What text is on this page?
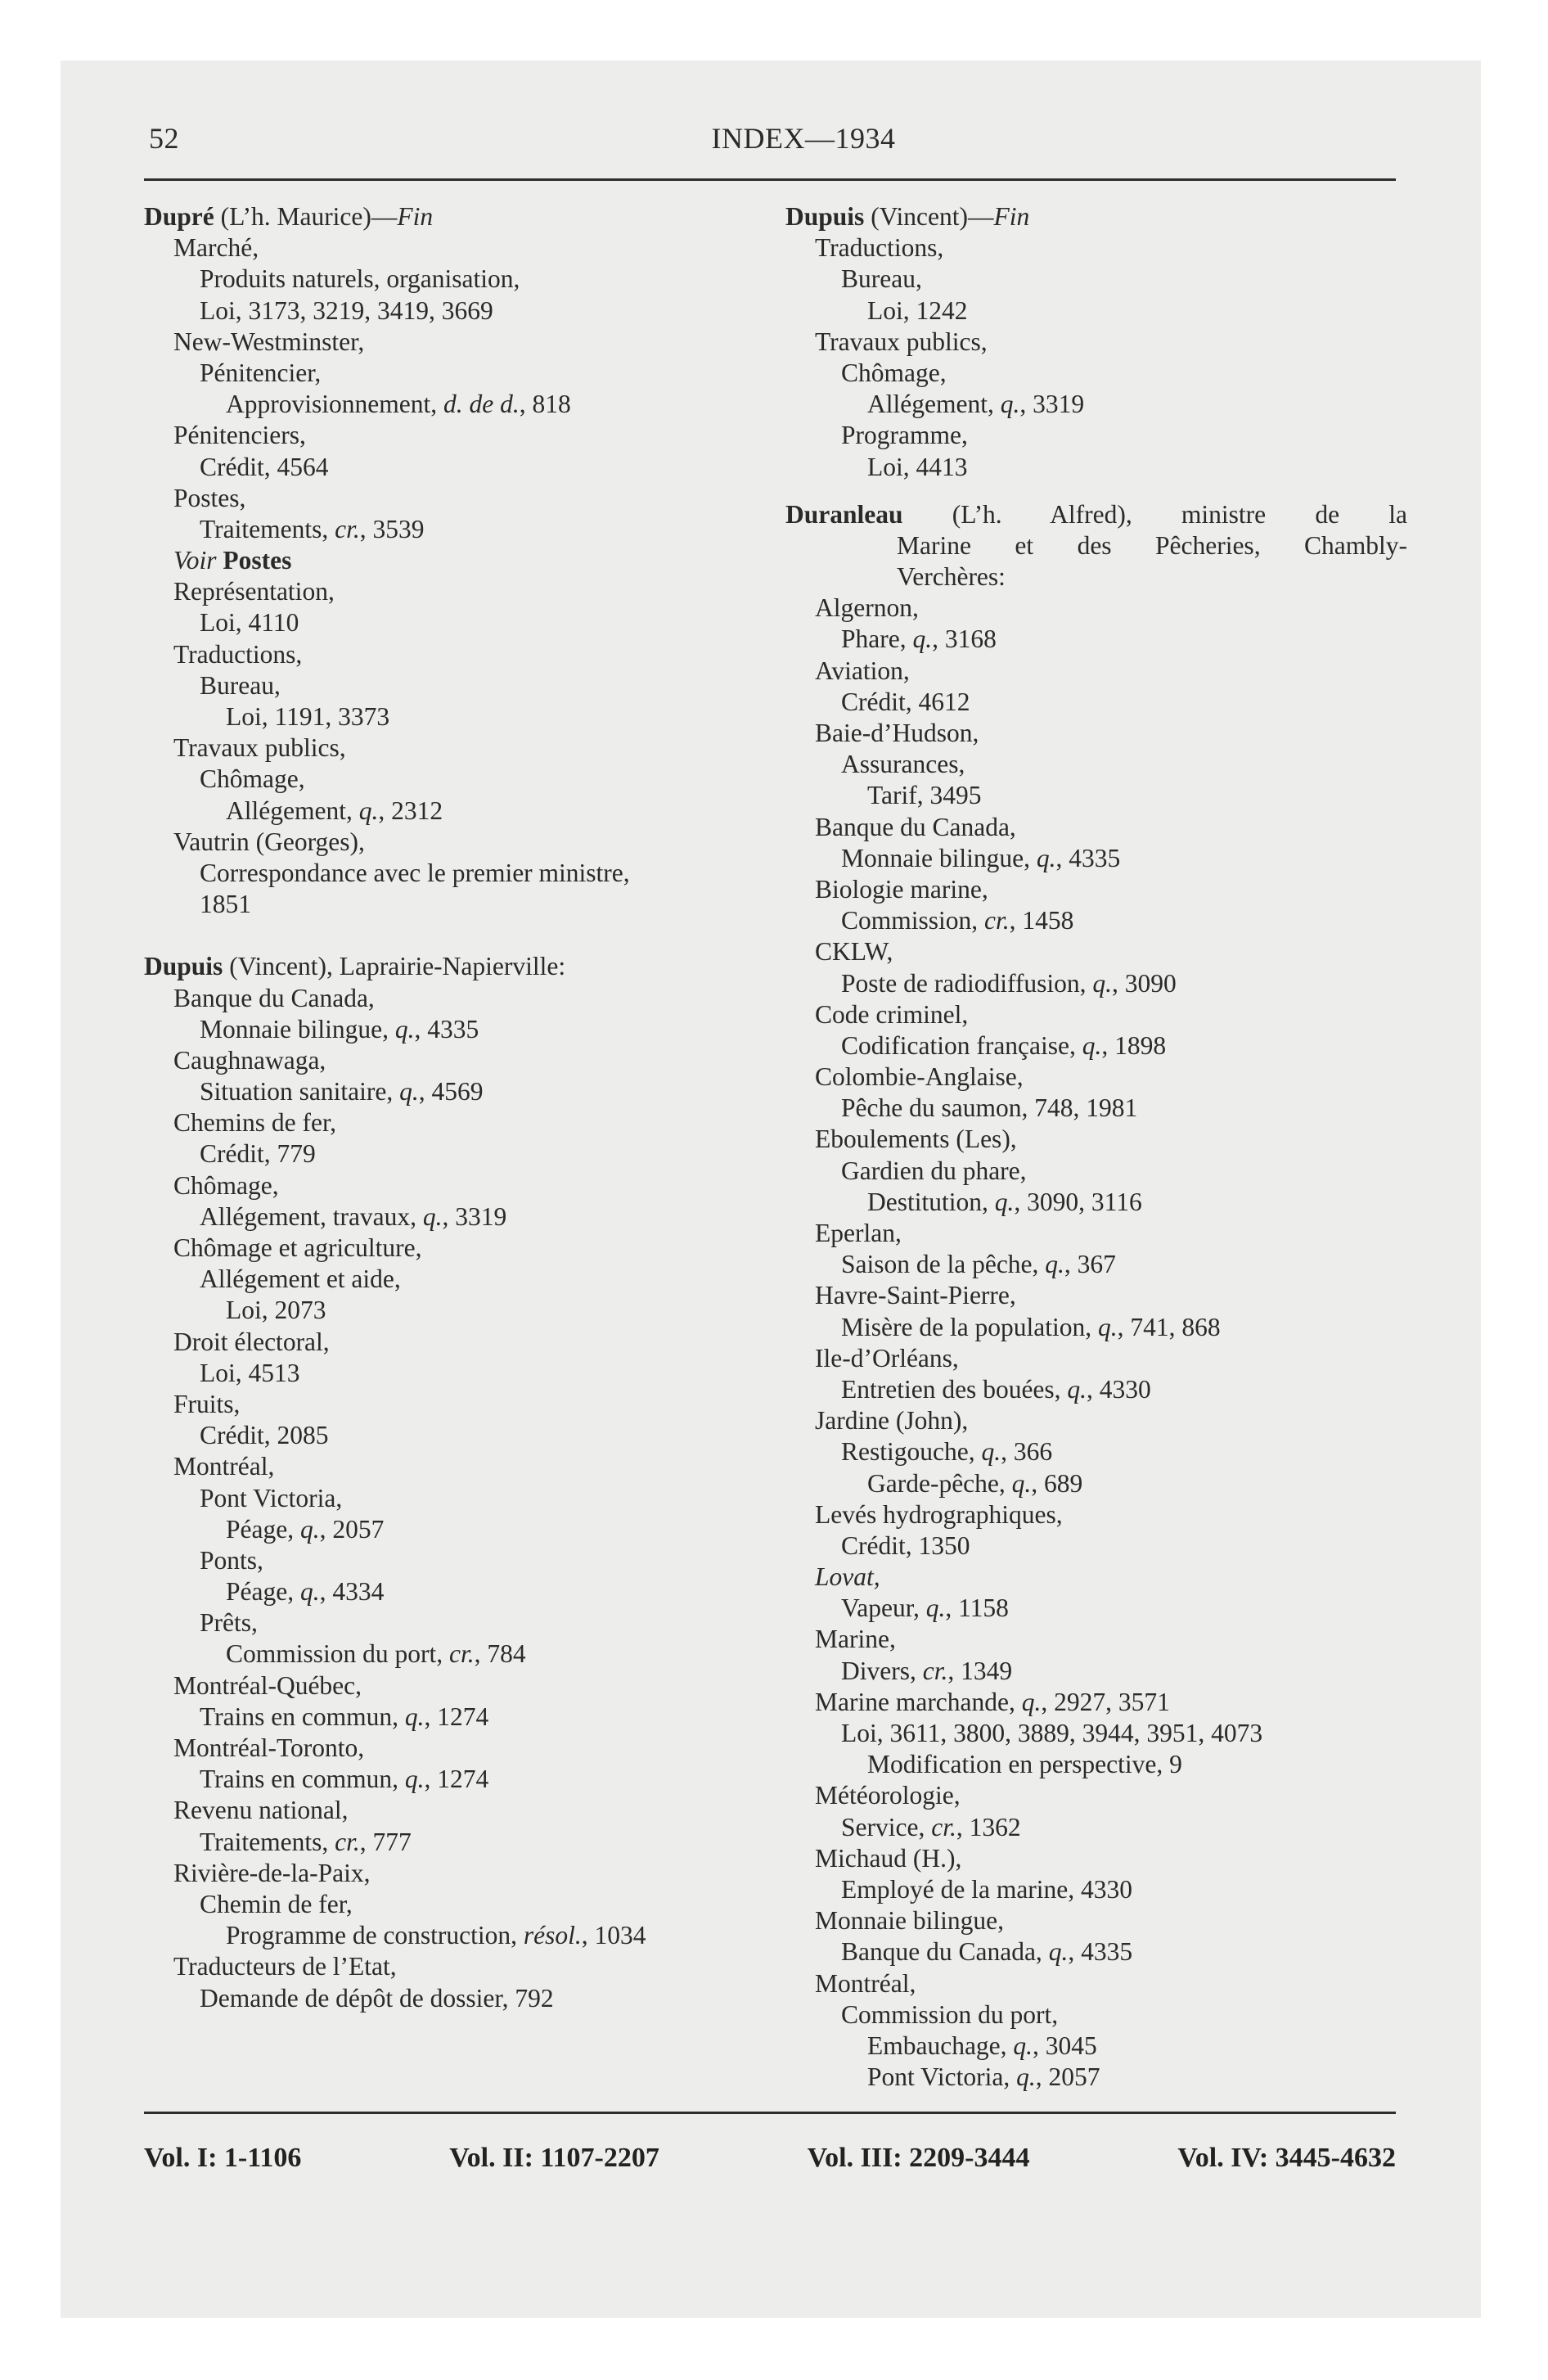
52	INDEX—1934
Dupré (L’h. Maurice)—Fin
Marché,
Produits naturels, organisation,
Loi, 3173, 3219, 3419, 3669
New-Westminster,
Pénitencier,
Approvisionnement, d. de d., 818
Pénitenciers,
Crédit, 4564
Postes,
Traitements, cr., 3539
Voir Postes
Représentation,
Loi, 4110
Traductions,
Bureau,
Loi, 1191, 3373
Travaux publics,
Chômage,
Allégement, q., 2312
Vautrin (Georges),
Correspondance avec le premier ministre,
1851
Dupuis (Vincent), Laprairie-Napierville:
Banque du Canada,
Monnaie bilingue, q., 4335
Caughnawaga,
Situation sanitaire, q., 4569
Chemins de fer,
Crédit, 779
Chômage,
Allégement, travaux, q., 3319
Chômage et agriculture,
Allégement et aide,
Loi, 2073
Droit électoral,
Loi, 4513
Fruits,
Crédit, 2085
Montréal,
Pont Victoria,
Péage, q., 2057
Ponts,
Péage, q., 4334
Prêts,
Commission du port, cr., 784
Montréal-Québec,
Trains en commun, q., 1274
Montréal-Toronto,
Trains en commun, q., 1274
Revenu national,
Traitements, cr., 777
Rivière-de-la-Paix,
Chemin de fer,
Programme de construction, résol., 1034
Traducteurs de l’Etat,
Demande de dépôt de dossier, 792
Dupuis (Vincent)—Fin
Traductions,
Bureau,
Loi, 1242
Travaux publics,
Chômage,
Allégement, q., 3319
Programme,
Loi, 4413
Duranleau (L’h. Alfred), ministre de la
Marine et des Pêcheries, Chambly-
Verchères:
Algernon,
Phare, q., 3168
Aviation,
Crédit, 4612
Baie-d’Hudson,
Assurances,
Tarif, 3495
Banque du Canada,
Monnaie bilingue, q., 4335
Biologie marine,
Commission, cr., 1458
CKLW,
Poste de radiodiffusion, q., 3090
Code criminel,
Codification française, q., 1898
Colombie-Anglaise,
Pêche du saumon, 748, 1981
Eboulements (Les),
Gardien du phare,
Destitution, q., 3090, 3116
Eperlan,
Saison de la pêche, q., 367
Havre-Saint-Pierre,
Misère de la population, q., 741, 868
Ile-d’Orléans,
Entretien des bouées, q., 4330
Jardine (John),
Restigouche, q., 366
Garde-pêche, q., 689
Levés hydrographiques,
Crédit, 1350
Lovat,
Vapeur, q., 1158
Marine,
Divers, cr., 1349
Marine marchande, q., 2927, 3571
Loi, 3611, 3800, 3889, 3944, 3951, 4073
Modification en perspective, 9
Météorologie,
Service, cr., 1362
Michaud (H.),
Employé de la marine, 4330
Monnaie bilingue,
Banque du Canada, q., 4335
Montréal,
Commission du port,
Embauchage, q., 3045
Pont Victoria, q., 2057
Vol. I: 1-1106	Vol. II: 1107-2207	Vol. III: 2209-3444	Vol. IV: 3445-4632
